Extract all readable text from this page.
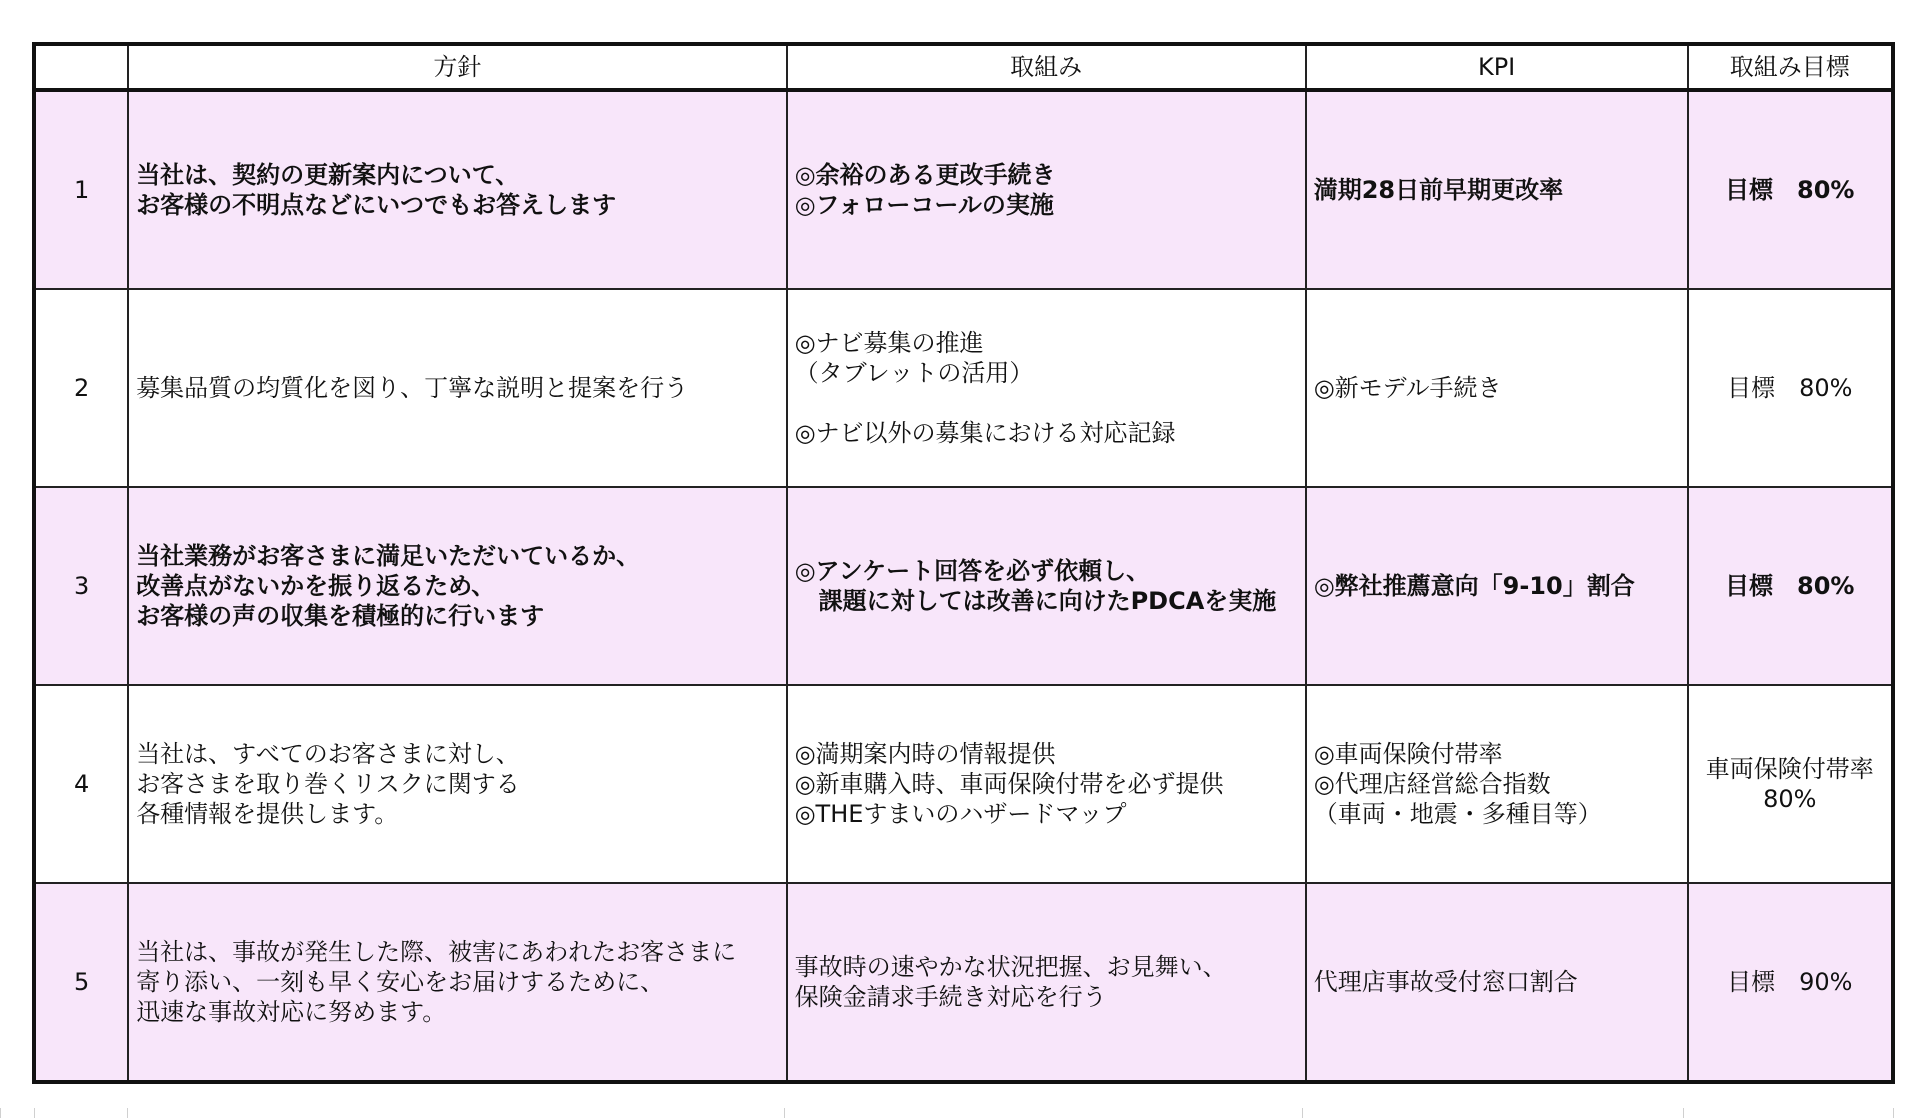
	方針	取組み	KPI	取組み目標
1	当社は、契約の更新案内について、
お客様の不明点などにいつでもお答えします	◎余裕のある更改手続き
◎フォローコールの実施	満期28日前早期更改率	目標　80%
2	募集品質の均質化を図り、丁寧な説明と提案を行う	◎ナビ募集の推進
（タブレットの活用）

◎ナビ以外の募集における対応記録	◎新モデル手続き	目標　80%
3	当社業務がお客さまに満足いただいているか、
改善点がないかを振り返るため、
お客様の声の収集を積極的に行います	◎アンケート回答を必ず依頼し、
　課題に対しては改善に向けたPDCAを実施	◎弊社推薦意向「9-10」割合	目標　80%
4	当社は、すべてのお客さまに対し、
お客さまを取り巻くリスクに関する
各種情報を提供します。	◎満期案内時の情報提供
◎新車購入時、車両保険付帯を必ず提供
◎THEすまいのハザードマップ	◎車両保険付帯率
◎代理店経営総合指数
（車両・地震・多種目等）	車両保険付帯率
80%
5	当社は、事故が発生した際、被害にあわれたお客さまに
寄り添い、一刻も早く安心をお届けするために、
迅速な事故対応に努めます。	事故時の速やかな状況把握、お見舞い、
保険金請求手続き対応を行う	代理店事故受付窓口割合	目標　90%
